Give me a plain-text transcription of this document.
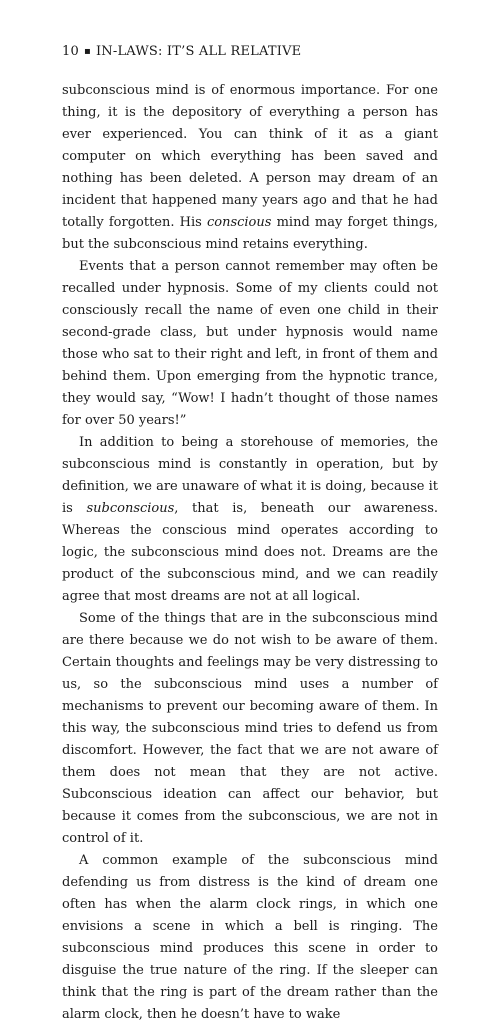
10 ▪ IN-LAWS: IT’S ALL RELATIVE

subconscious mind is of enormous importance. For one thing, it is the depository of everything a person has ever experienced. You can think of it as a giant computer on which everything has been saved and nothing has been deleted. A person may dream of an incident that happened many years ago and that he had totally forgotten. His conscious mind may forget things, but the subconscious mind retains everything.

Events that a person cannot remember may often be recalled under hypnosis. Some of my clients could not consciously recall the name of even one child in their second-grade class, but under hypnosis would name those who sat to their right and left, in front of them and behind them. Upon emerging from the hypnotic trance, they would say, “Wow! I hadn’t thought of those names for over 50 years!”

In addition to being a storehouse of memories, the subconscious mind is constantly in operation, but by definition, we are unaware of what it is doing, because it is subconscious, that is, beneath our awareness. Whereas the conscious mind operates according to logic, the subconscious mind does not. Dreams are the product of the subconscious mind, and we can readily agree that most dreams are not at all logical.

Some of the things that are in the subconscious mind are there because we do not wish to be aware of them. Certain thoughts and feelings may be very distressing to us, so the subconscious mind uses a number of mechanisms to prevent our becoming aware of them. In this way, the subconscious mind tries to defend us from discomfort. However, the fact that we are not aware of them does not mean that they are not active. Subconscious ideation can affect our behavior, but because it comes from the subconscious, we are not in control of it.

A common example of the subconscious mind defending us from distress is the kind of dream one often has when the alarm clock rings, in which one envisions a scene in which a bell is ringing. The subconscious mind produces this scene in order to disguise the true nature of the ring. If the sleeper can think that the ring is part of the dream rather than the alarm clock, then he doesn’t have to wake
